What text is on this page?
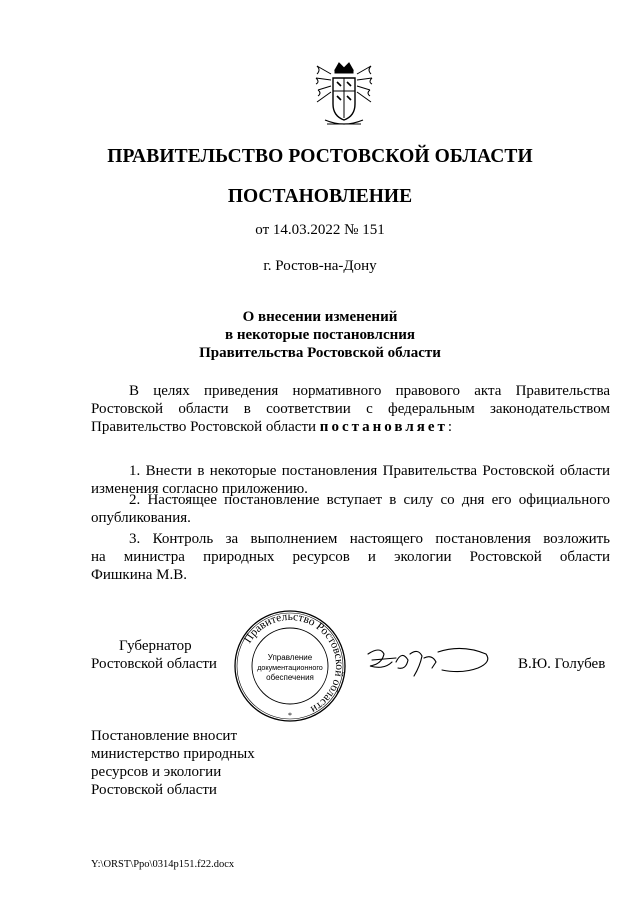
ПРАВИТЕЛЬСТВО РОСТОВСКОЙ ОБЛАСТИ
ПОСТАНОВЛЕНИЕ
от 14.03.2022 № 151
г. Ростов-на-Дону
О внесении изменений
в некоторые постановлсния
Правительства Ростовской области
В целях приведения нормативного правового акта Правительства
Ростовской области в соответствии с федеральным законодательством
Правительство Ростовской области постановляет:
1. Внести в некоторые постановления Правительства Ростовской области
изменения согласно приложению.
2. Настоящее постановление вступает в силу со дня его официального
опубликования.
3. Контроль за выполнением настоящего постановления возложить
на министра природных ресурсов и экологии Ростовской области
Фишкина М.В.
Губернатор
Ростовской области
Правительство Ростовской области
Управление
документационного
обеспечения
*
В.Ю. Голубев
Постановление вносит
министерство природных
ресурсов и экологии
Ростовской области
Y:\ORST\Ppo\0314p151.f22.docx
